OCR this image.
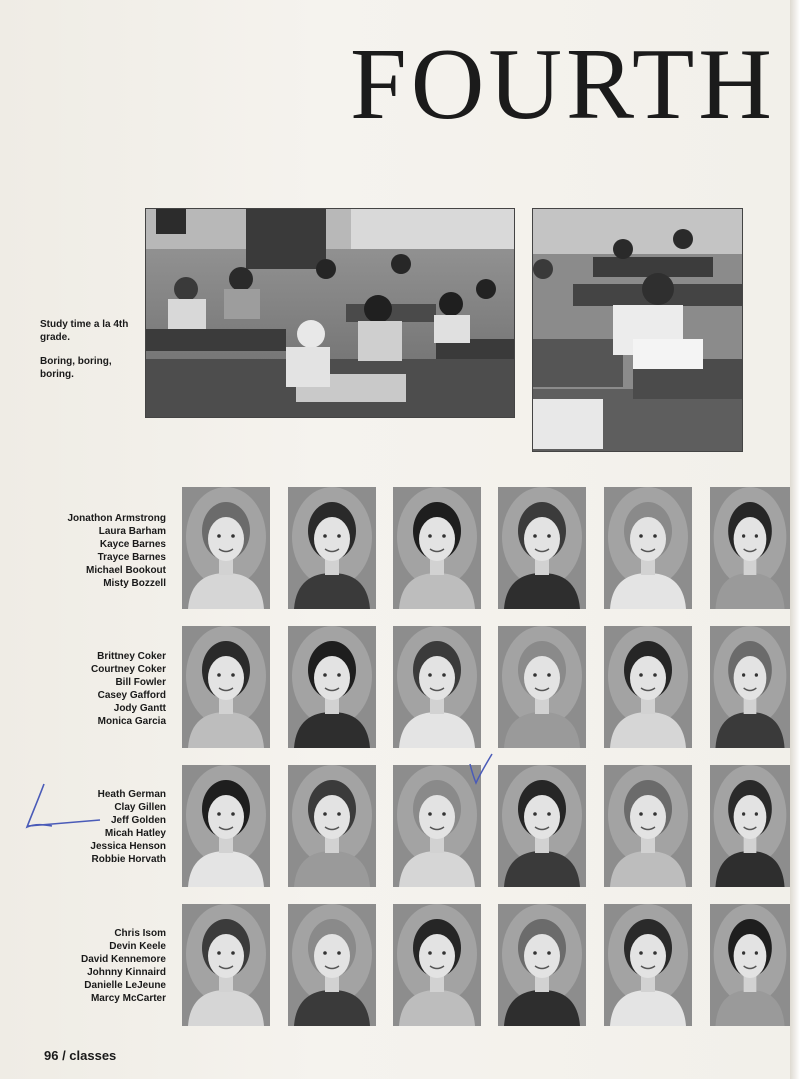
FOURTH

Study time a la 4th grade.

Boring, boring, boring.

Jonathon Armstrong
Laura Barham
Kayce Barnes
Trayce Barnes
Michael Bookout
Misty Bozzell
Brittney Coker
Courtney Coker
Bill Fowler
Casey Gafford
Jody Gantt
Monica Garcia
Heath German
Clay Gillen
Jeff Golden
Micah Hatley
Jessica Henson
Robbie Horvath
Chris Isom
Devin Keele
David Kennemore
Johnny Kinnaird
Danielle LeJeune
Marcy McCarter
96 / classes
